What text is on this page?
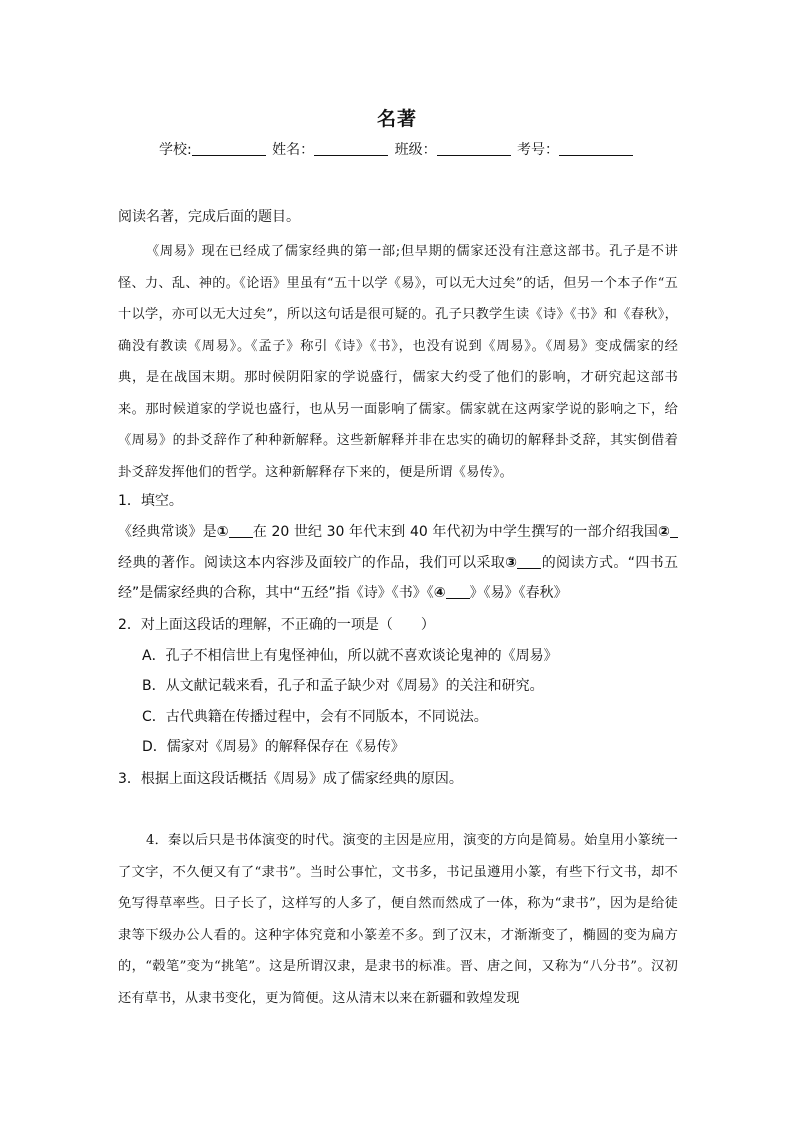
名著
学校:	姓名：	班级：	考号：
阅读名著，完成后面的题目。
《周易》现在已经成了儒家经典的第一部;但早期的儒家还没有注意这部书。孔子是不讲怪、力、乱、神的。《论语》里虽有“五十以学《易》，可以无大过矣”的话，但另一个本子作“五十以学，亦可以无大过矣”，所以这句话是很可疑的。孔子只教学生读《诗》《书》和《春秋》，确没有教读《周易》。《孟子》称引《诗》《书》，也没有说到《周易》。《周易》变成儒家的经典，是在战国末期。那时候阴阳家的学说盛行，儒家大约受了他们的影响，才研究起这部书来。那时候道家的学说也盛行，也从另一面影响了儒家。儒家就在这两家学说的影响之下，给《周易》的卦爻辞作了种种新解释。这些新解释并非在忠实的确切的解释卦爻辞，其实倒借着卦爻辞发挥他们的哲学。这种新解释存下来的，便是所谓《易传》。
1．填空。
《经典常谈》是① 在 20 世纪 30 年代末到 40 年代初为中学生撰写的一部介绍我国②经典的著作。阅读这本内容涉及面较广的作品，我们可以采取③ 的阅读方式。“四书五经”是儒家经典的合称，其中“五经”指《诗》《书》《④ 》《易》《春秋》
2．对上面这段话的理解，不正确的一项是（　　）
A．孔子不相信世上有鬼怪神仙，所以就不喜欢谈论鬼神的《周易》
B．从文献记载来看，孔子和孟子缺少对《周易》的关注和研究。
C．古代典籍在传播过程中，会有不同版本，不同说法。
D．儒家对《周易》的解释保存在《易传》
3．根据上面这段话概括《周易》成了儒家经典的原因。
4．秦以后只是书体演变的时代。演变的主因是应用，演变的方向是简易。始皇用小篆统一了文字，不久便又有了“隶书”。当时公事忙，文书多，书记虽遵用小篆，有些下行文书，却不免写得草率些。日子长了，这样写的人多了，便自然而然成了一体，称为“隶书”，因为是给徒隶等下级办公人看的。这种字体究竟和小篆差不多。到了汉末，才渐渐变了，椭圆的变为扁方的，“毂笔”变为“挑笔”。这是所谓汉隶，是隶书的标准。晋、唐之间，又称为“八分书”。汉初还有草书，从隶书变化，更为简便。这从清末以来在新疆和敦煌发现
